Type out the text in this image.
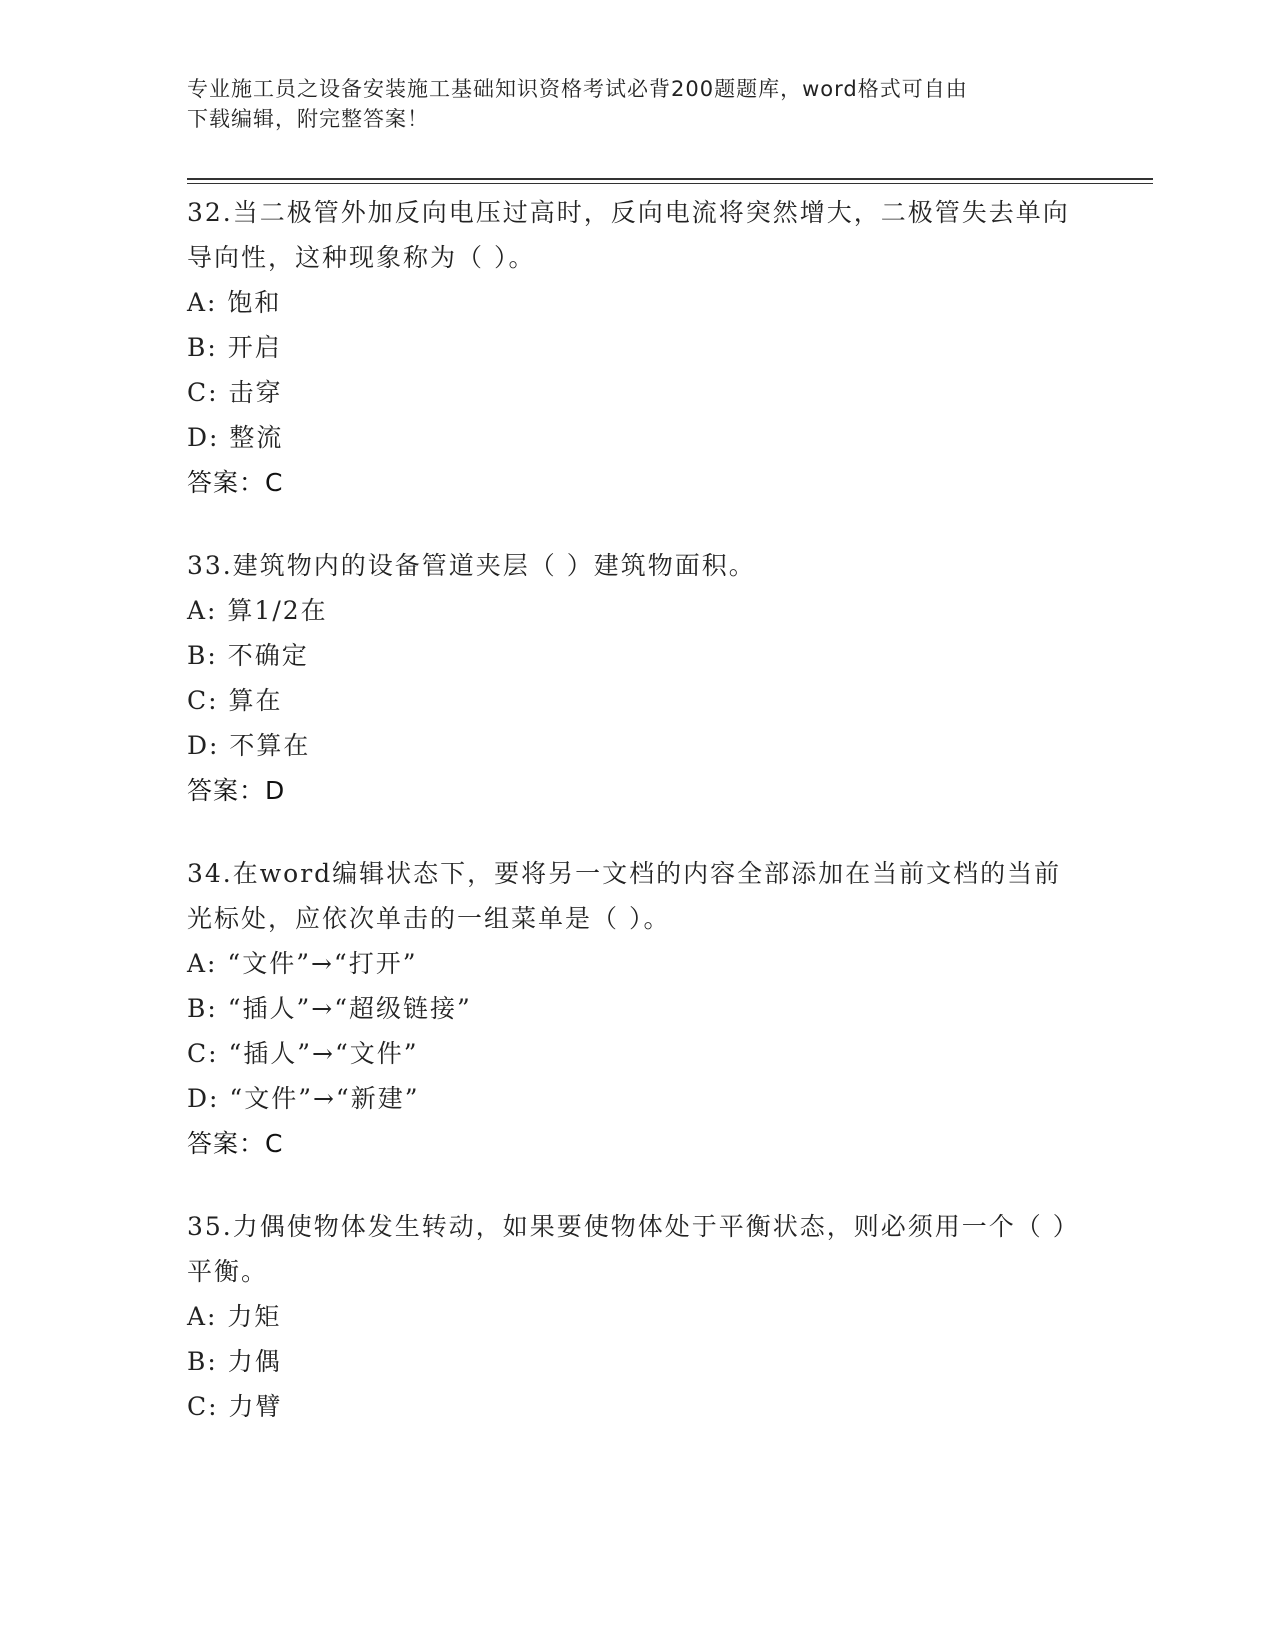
专业施工员之设备安装施工基础知识资格考试必背200题题库，word格式可自由
下载编辑，附完整答案！

32.当二极管外加反向电压过高时，反向电流将突然增大，二极管失去单向导向性，这种现象称为（ ）。

A: 饱和

B: 开启

C: 击穿

D: 整流

答案：C

33.建筑物内的设备管道夹层（ ）建筑物面积。

A: 算1/2在

B: 不确定

C: 算在

D: 不算在

答案：D

34.在word编辑状态下，要将另一文档的内容全部添加在当前文档的当前光标处，应依次单击的一组菜单是（ ）。

A: “文件”→“打开”

B: “插人”→“超级链接”

C: “插人”→“文件”

D: “文件”→“新建”

答案：C

35.力偶使物体发生转动，如果要使物体处于平衡状态，则必须用一个（ ）平衡。

A: 力矩

B: 力偶

C: 力臂
